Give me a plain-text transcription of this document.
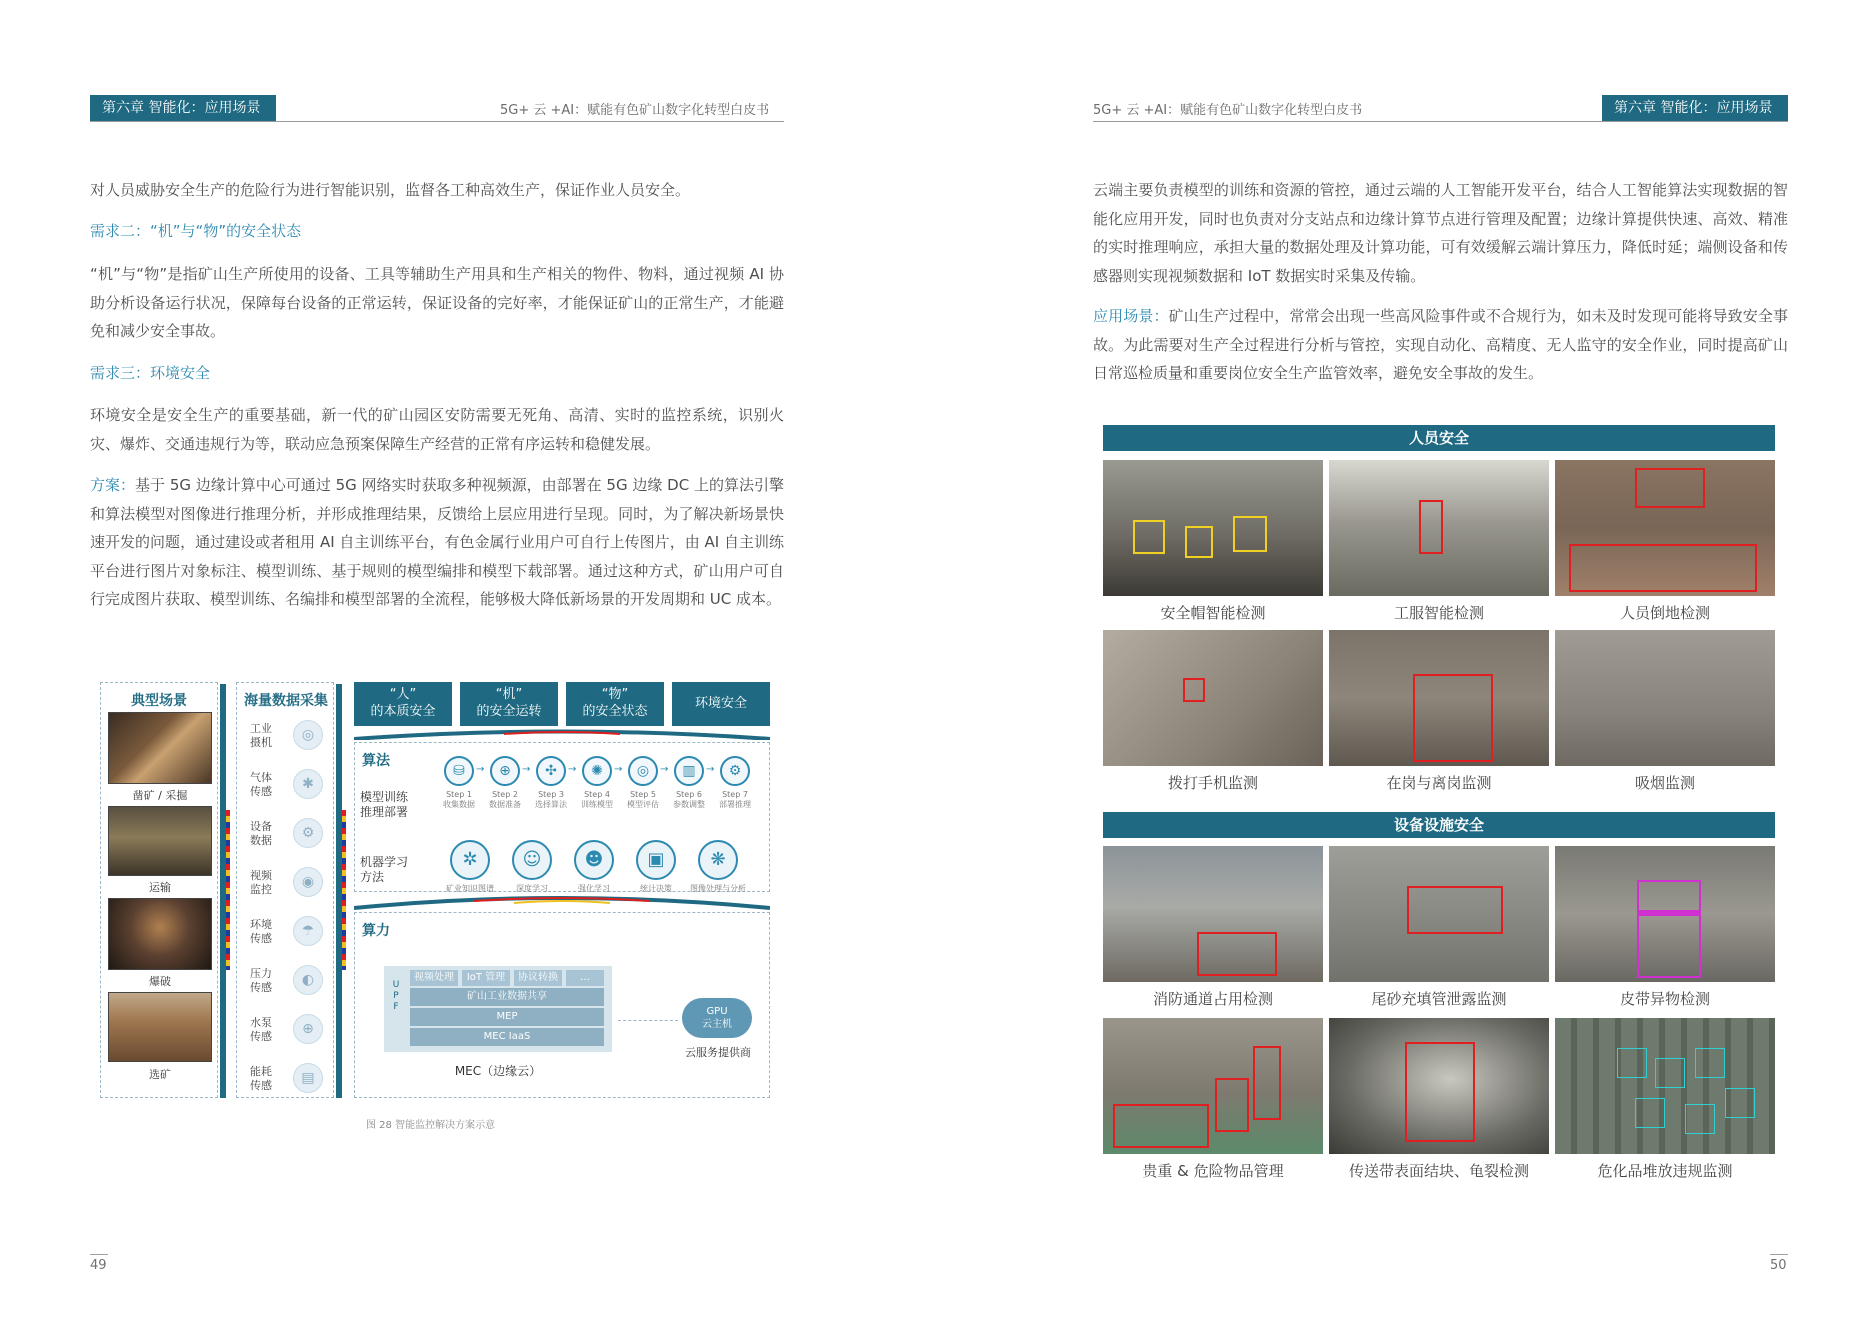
第六章 智能化：应用场景	5G+ 云 +AI：赋能有色矿山数字化转型白皮书
对人员威胁安全生产的危险行为进行智能识别，监督各工种高效生产，保证作业人员安全。
需求二：“机”与“物”的安全状态
“机”与“物”是指矿山生产所使用的设备、工具等辅助生产用具和生产相关的物件、物料，通过视频 AI 协助分析设备运行状况，保障每台设备的正常运转，保证设备的完好率，才能保证矿山的正常生产，才能避免和减少安全事故。
需求三：环境安全
环境安全是安全生产的重要基础，新一代的矿山园区安防需要无死角、高清、实时的监控系统，识别火灾、爆炸、交通违规行为等，联动应急预案保障生产经营的正常有序运转和稳健发展。
方案：基于 5G 边缘计算中心可通过 5G 网络实时获取多种视频源，由部署在 5G 边缘 DC 上的算法引擎和算法模型对图像进行推理分析，并形成推理结果，反馈给上层应用进行呈现。同时，为了解决新场景快速开发的问题，通过建设或者租用 AI 自主训练平台，有色金属行业用户可自行上传图片，由 AI 自主训练平台进行图片对象标注、模型训练、基于规则的模型编排和模型下载部署。通过这种方式，矿山用户可自行完成图片获取、模型训练、名编排和模型部署的全流程，能够极大降低新场景的开发周期和 UC 成本。
典型场景
凿矿 / 采掘
运输
爆破
选矿
海量数据采集
工业
摄机	◎
气体
传感	✱
设备
数据	⚙
视频
监控	◉
环境
传感	☂
压力
传感	◐
水泵
传感	⊕
能耗
传感	▤
“人”
的本质安全
“机”
的安全运转
“物”
的安全状态
环境安全
算法
模型训练
推理部署
⛁
Step 1
收集数据
→	⊕
Step 2
数据准备
→	✣
Step 3
选择算法
→	✺
Step 4
训练模型
→	◎
Step 5
模型评估
→ ▥
Step 6
参数调整
→	⚙
Step 7
部署推理
机器学习
方法
✲
矿业知识图谱
☺
深度学习
☻
强化学习
▣
统计决策
❋
图像处理与分析
算力
U
P
F
视频处理	IoT 管理	协议转换	…
矿山工业数据共享
MEP
MEC IaaS
MEC（边缘云）
GPU
云主机
云服务提供商
图 28 智能监控解决方案示意
49
5G+ 云 +AI：赋能有色矿山数字化转型白皮书	第六章 智能化：应用场景
云端主要负责模型的训练和资源的管控，通过云端的人工智能开发平台，结合人工智能算法实现数据的智能化应用开发，同时也负责对分支站点和边缘计算节点进行管理及配置；边缘计算提供快速、高效、精准的实时推理响应，承担大量的数据处理及计算功能，可有效缓解云端计算压力，降低时延；端侧设备和传感器则实现视频数据和 IoT 数据实时采集及传输。
应用场景：矿山生产过程中，常常会出现一些高风险事件或不合规行为，如未及时发现可能将导致安全事故。为此需要对生产全过程进行分析与管控，实现自动化、高精度、无人监守的安全作业，同时提高矿山日常巡检质量和重要岗位安全生产监管效率，避免安全事故的发生。
人员安全
安全帽智能检测	工服智能检测	人员倒地检测
拨打手机监测	在岗与离岗监测	吸烟监测
设备设施安全
消防通道占用检测	尾砂充填管泄露监测	皮带异物检测
贵重 & 危险物品管理	传送带表面结块、龟裂检测	危化品堆放违规监测
50
